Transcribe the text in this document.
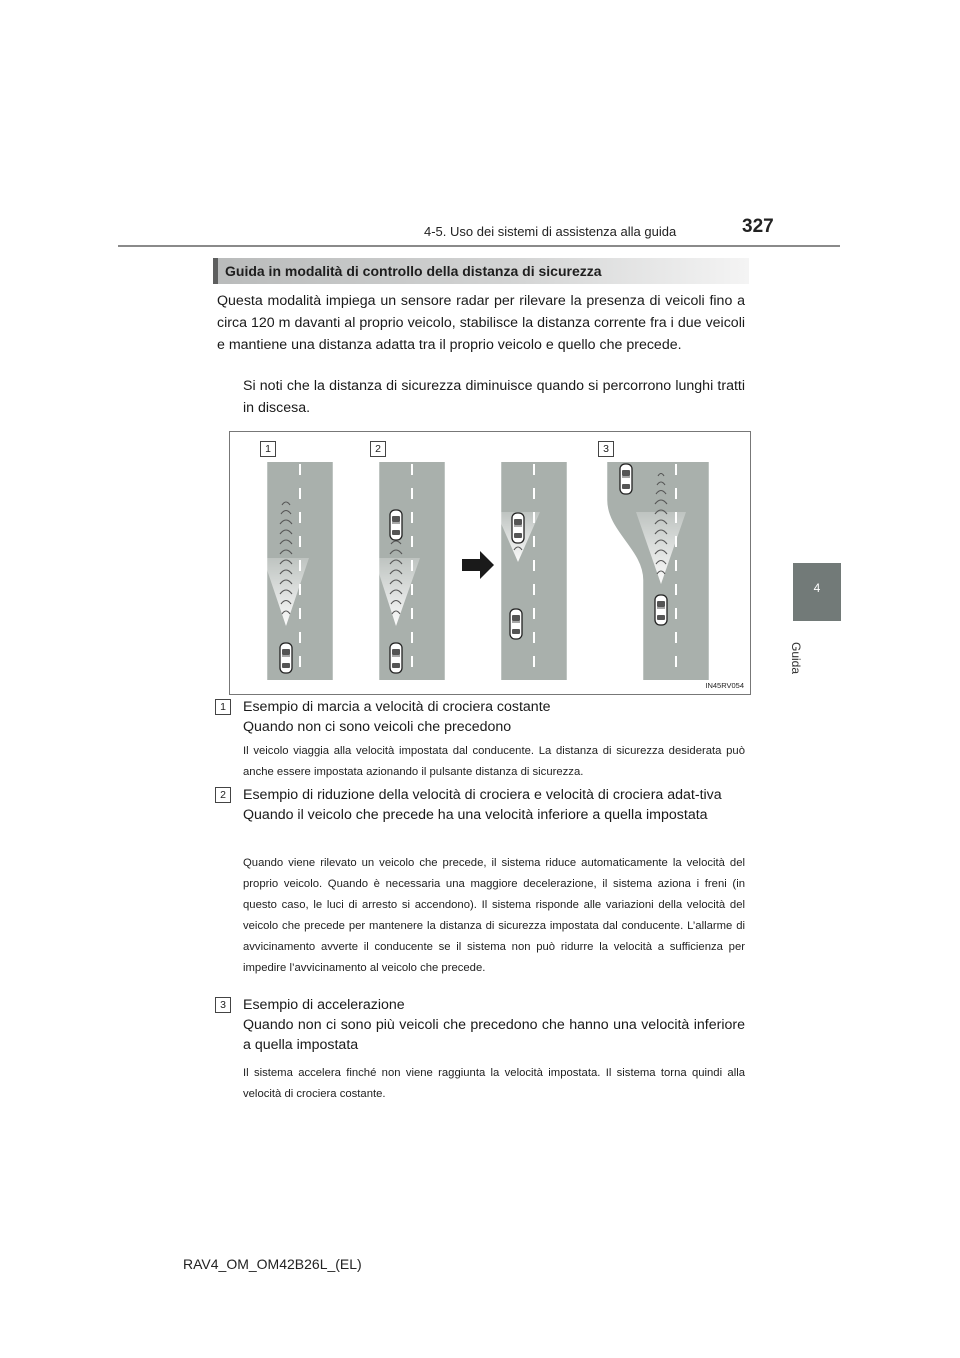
4-5. Uso dei sistemi di assistenza alla guida	327
4
Guida
Guida in modalità di controllo della distanza di sicurezza
Questa modalità impiega un sensore radar per rilevare la presenza di veicoli fino a circa 120 m davanti al proprio veicolo, stabilisce la distanza corrente fra i due veicoli e mantiene una distanza adatta tra il proprio veicolo e quello che precede.
Si noti che la distanza di sicurezza diminuisce quando si percorrono lunghi tratti in discesa.
1	2	3
IN45RV054
1	Esempio di marcia a velocità di crociera costante
Quando non ci sono veicoli che precedono
Il veicolo viaggia alla velocità impostata dal conducente. La distanza di sicurezza desiderata può anche essere impostata azionando il pulsante distanza di sicurezza.
2	Esempio di riduzione della velocità di crociera e velocità di crociera adat-tiva
Quando il veicolo che precede ha una velocità inferiore a quella impostata
Quando viene rilevato un veicolo che precede, il sistema riduce automaticamente la velocità del proprio veicolo. Quando è necessaria una maggiore decelerazione, il sistema aziona i freni (in questo caso, le luci di arresto si accendono). Il sistema risponde alle variazioni della velocità del veicolo che precede per mantenere la distanza di sicurezza impostata dal conducente. L’allarme di avvicinamento avverte il conducente se il sistema non può ridurre la velocità a sufficienza per impedire l’avvicinamento al veicolo che precede.
3	Esempio di accelerazione
Quando non ci sono più veicoli che precedono che hanno una velocità inferiore a quella impostata
Il sistema accelera finché non viene raggiunta la velocità impostata. Il sistema torna quindi alla velocità di crociera costante.
RAV4_OM_OM42B26L_(EL)
